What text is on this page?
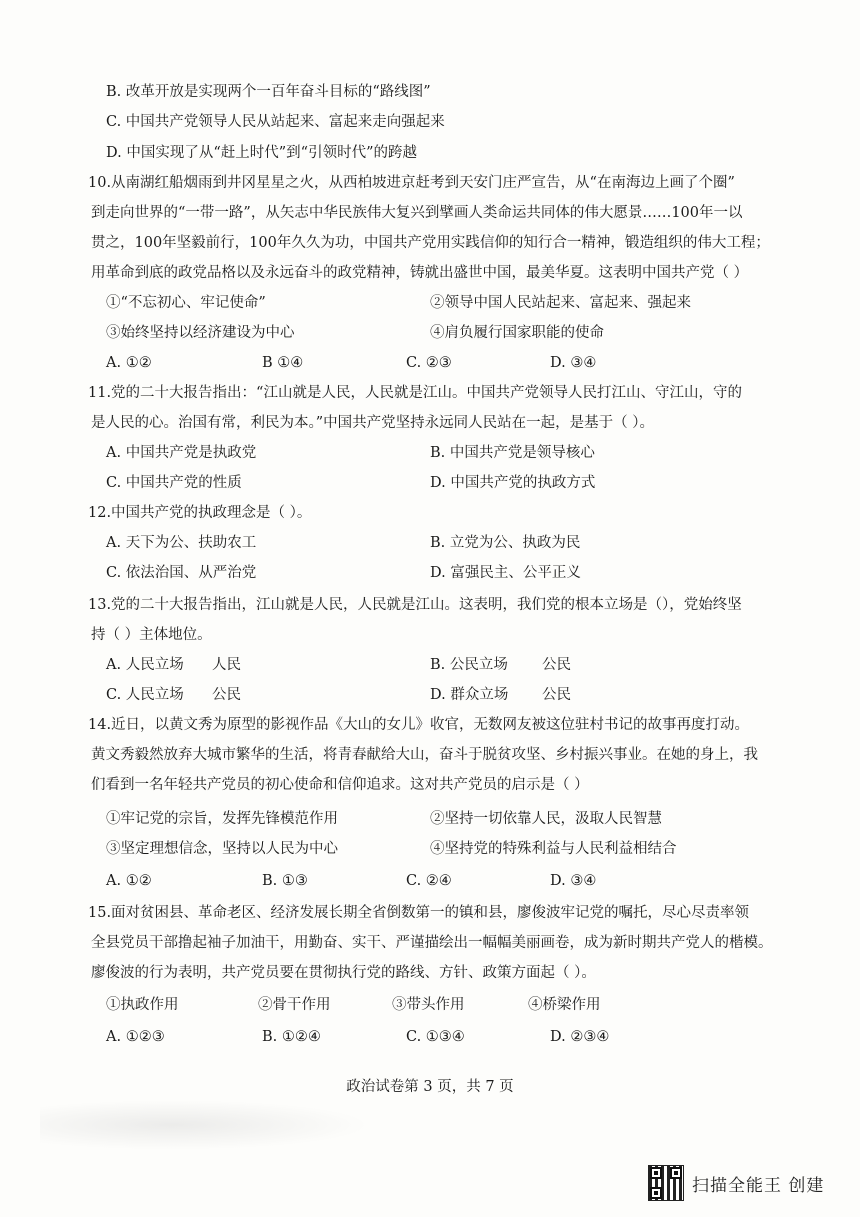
B. 改革开放是实现两个一百年奋斗目标的“路线图”
C. 中国共产党领导人民从站起来、富起来走向强起来
D. 中国实现了从“赶上时代”到“引领时代”的跨越
10.从南湖红船烟雨到井冈星星之火，从西柏坡进京赶考到天安门庄严宣告，从“在南海边上画了个圈”
到走向世界的“一带一路”，从矢志中华民族伟大复兴到擘画人类命运共同体的伟大愿景……100年一以
贯之，100年坚毅前行，100年久久为功，中国共产党用实践信仰的知行合一精神，锻造组织的伟大工程；
用革命到底的政党品格以及永远奋斗的政党精神，铸就出盛世中国，最美华夏。这表明中国共产党（ ）
①“不忘初心、牢记使命”	②领导中国人民站起来、富起来、强起来
③始终坚持以经济建设为中心	④肩负履行国家职能的使命
A. ①②	B ①④	C. ②③	D. ③④
11.党的二十大报告指出：“江山就是人民，人民就是江山。中国共产党领导人民打江山、守江山，守的
是人民的心。治国有常，利民为本。”中国共产党坚持永远同人民站在一起，是基于（ ）。
A. 中国共产党是执政党	B. 中国共产党是领导核心
C. 中国共产党的性质	D. 中国共产党的执政方式
12.中国共产党的执政理念是（ ）。
A. 天下为公、扶助农工	B. 立党为公、执政为民
C. 依法治国、从严治党	D. 富强民主、公平正义
13.党的二十大报告指出，江山就是人民，人民就是江山。这表明，我们党的根本立场是（），党始终坚
持（ ）主体地位。
A. 人民立场 人民	B. 公民立场 公民
C. 人民立场 公民	D. 群众立场 公民
14.近日，以黄文秀为原型的影视作品《大山的女儿》收官，无数网友被这位驻村书记的故事再度打动。
黄文秀毅然放弃大城市繁华的生活，将青春献给大山，奋斗于脱贫攻坚、乡村振兴事业。在她的身上，我
们看到一名年轻共产党员的初心使命和信仰追求。这对共产党员的启示是（ ）
①牢记党的宗旨，发挥先锋模范作用	②坚持一切依靠人民，汲取人民智慧
③坚定理想信念，坚持以人民为中心	④坚持党的特殊利益与人民利益相结合
A. ①②	B. ①③	C. ②④	D. ③④
15.面对贫困县、革命老区、经济发展长期全省倒数第一的镇和县，廖俊波牢记党的嘱托，尽心尽责率领
全县党员干部撸起袖子加油干，用勤奋、实干、严谨描绘出一幅幅美丽画卷，成为新时期共产党人的楷模。
廖俊波的行为表明，共产党员要在贯彻执行党的路线、方针、政策方面起（ ）。
①执政作用	②骨干作用	③带头作用	④桥梁作用
A. ①②③	B. ①②④	C. ①③④	D. ②③④
政治试卷第 3 页，共 7 页
扫描全能王 创建
